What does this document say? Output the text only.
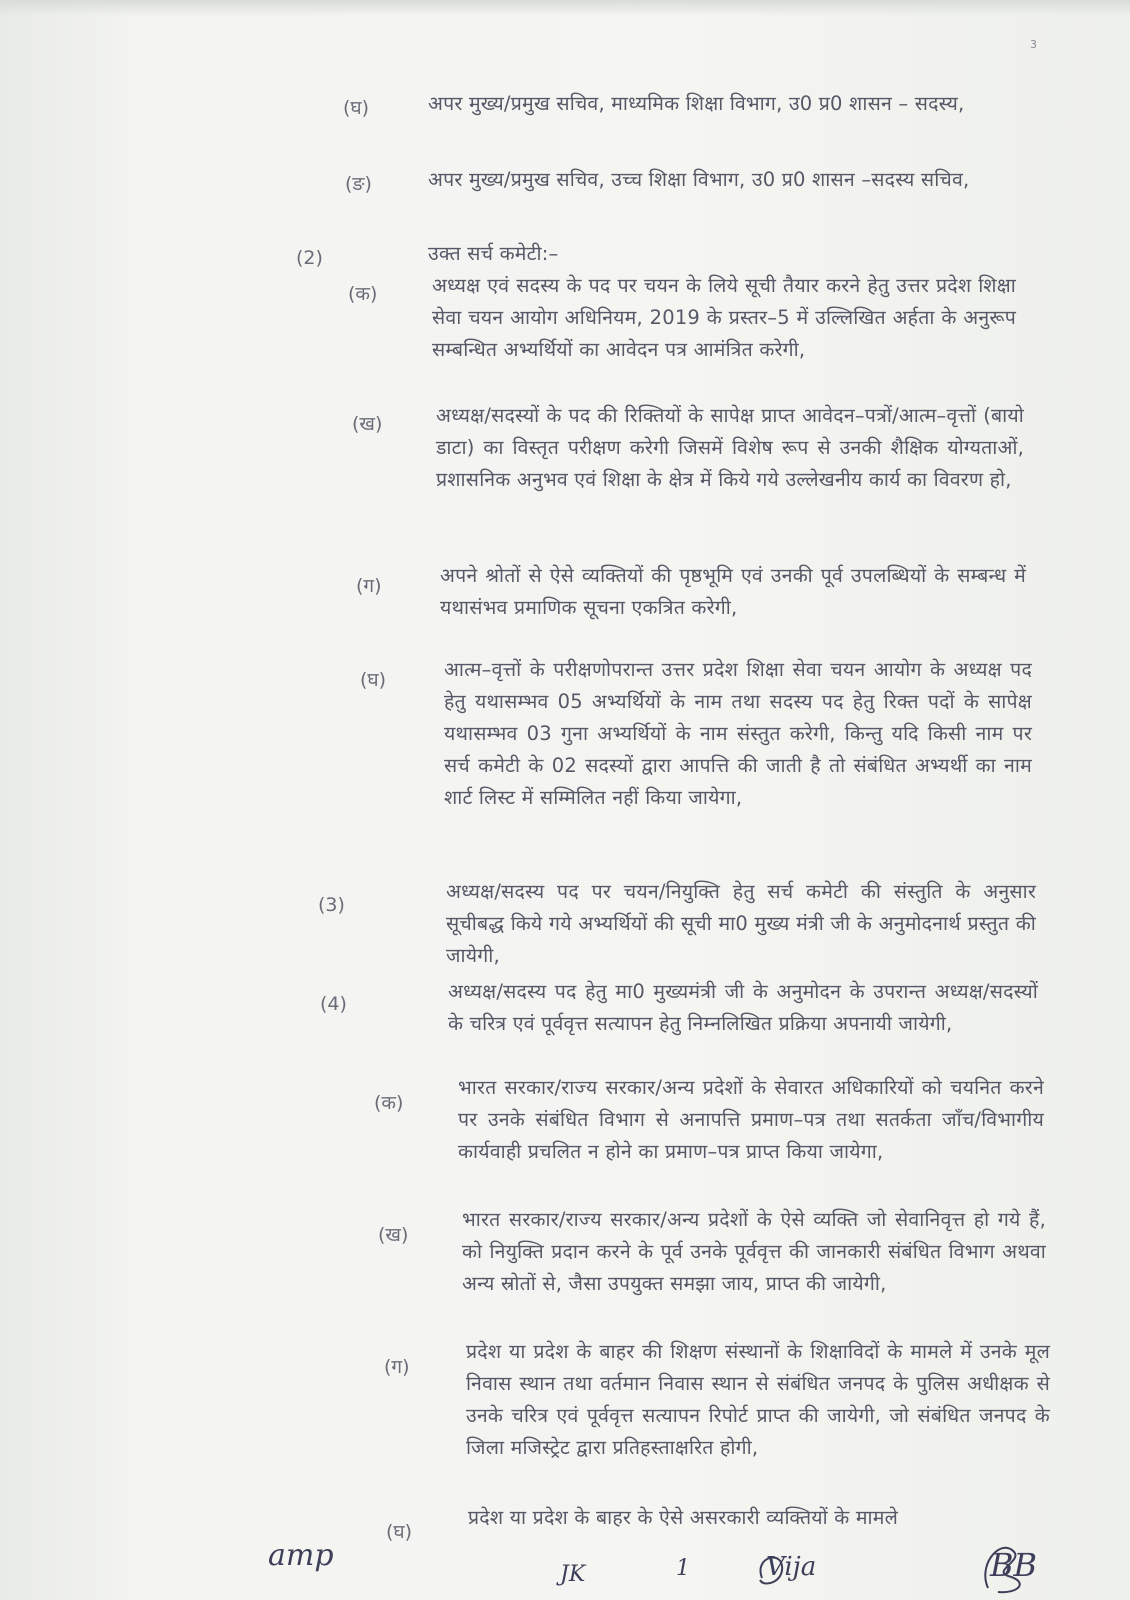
3
(घ)	अपर मुख्य/प्रमुख सचिव, माध्यमिक शिक्षा विभाग, उ0 प्र0 शासन – सदस्य,
(ङ)	अपर मुख्य/प्रमुख सचिव, उच्च शिक्षा विभाग, उ0 प्र0 शासन –सदस्य सचिव,
(2)	उक्त सर्च कमेटी:–
(क)	अध्यक्ष एवं सदस्य के पद पर चयन के लिये सूची तैयार करने हेतु उत्तर प्रदेश शिक्षा सेवा चयन आयोग अधिनियम, 2019 के प्रस्तर–5 में उल्लिखित अर्हता के अनुरूप सम्बन्धित अभ्यर्थियों का आवेदन पत्र आमंत्रित करेगी,
(ख)	अध्यक्ष/सदस्यों के पद की रिक्तियों के सापेक्ष प्राप्त आवेदन–पत्रों/आत्म–वृत्तों (बायो डाटा) का विस्तृत परीक्षण करेगी जिसमें विशेष रूप से उनकी शैक्षिक योग्यताओं, प्रशासनिक अनुभव एवं शिक्षा के क्षेत्र में किये गये उल्लेखनीय कार्य का विवरण हो,
(ग)	अपने श्रोतों से ऐसे व्यक्तियों की पृष्ठभूमि एवं उनकी पूर्व उपलब्धियों के सम्बन्ध में यथासंभव प्रमाणिक सूचना एकत्रित करेगी,
(घ)	आत्म–वृत्तों के परीक्षणोपरान्त उत्तर प्रदेश शिक्षा सेवा चयन आयोग के अध्यक्ष पद हेतु यथासम्भव 05 अभ्यर्थियों के नाम तथा सदस्य पद हेतु रिक्त पदों के सापेक्ष यथासम्भव 03 गुना अभ्यर्थियों के नाम संस्तुत करेगी, किन्तु यदि किसी नाम पर सर्च कमेटी के 02 सदस्यों द्वारा आपत्ति की जाती है तो संबंधित अभ्यर्थी का नाम शार्ट लिस्ट में सम्मिलित नहीं किया जायेगा,
(3)
अध्यक्ष/सदस्य पद पर चयन/नियुक्ति हेतु सर्च कमेटी की संस्तुति के अनुसार सूचीबद्ध किये गये अभ्यर्थियों की सूची मा0 मुख्य मंत्री जी के अनुमोदनार्थ प्रस्तुत की जायेगी,
(4)
अध्यक्ष/सदस्य पद हेतु मा0 मुख्यमंत्री जी के अनुमोदन के उपरान्त अध्यक्ष/सदस्यों के चरित्र एवं पूर्ववृत्त सत्यापन हेतु निम्नलिखित प्रक्रिया अपनायी जायेगी,
(क)
भारत सरकार/राज्य सरकार/अन्य प्रदेशों के सेवारत अधिकारियों को चयनित करने पर उनके संबंधित विभाग से अनापत्ति प्रमाण–पत्र तथा सतर्कता जाँच/विभागीय कार्यवाही प्रचलित न होने का प्रमाण–पत्र प्राप्त किया जायेगा,
(ख)
भारत सरकार/राज्य सरकार/अन्य प्रदेशों के ऐसे व्यक्ति जो सेवानिवृत्त हो गये हैं, को नियुक्ति प्रदान करने के पूर्व उनके पूर्ववृत्त की जानकारी संबंधित विभाग अथवा अन्य स्रोतों से, जैसा उपयुक्त समझा जाय, प्राप्त की जायेगी,
(ग)
प्रदेश या प्रदेश के बाहर की शिक्षण संस्थानों के शिक्षाविदों के मामले में उनके मूल निवास स्थान तथा वर्तमान निवास स्थान से संबंधित जनपद के पुलिस अधीक्षक से उनके चरित्र एवं पूर्ववृत्त सत्यापन रिपोर्ट प्राप्त की जायेगी, जो संबंधित जनपद के जिला मजिस्ट्रेट द्वारा प्रतिहस्ताक्षरित होगी,
(घ)
प्रदेश या प्रदेश के बाहर के ऐसे असरकारी व्यक्तियों के मामले
amp
JK	1	Vija	BB
